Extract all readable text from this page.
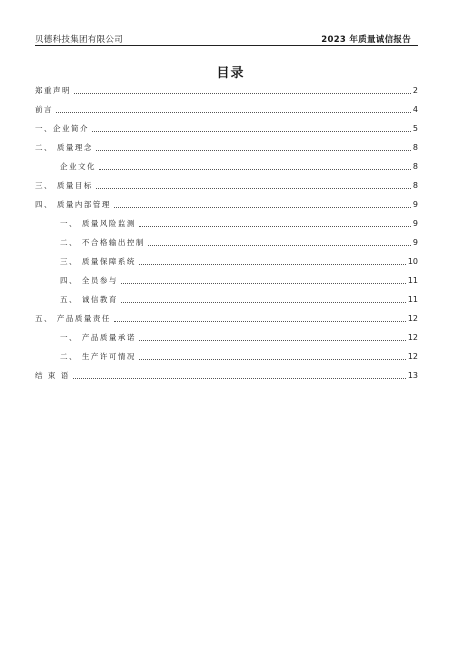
贝德科技集团有限公司	2023 年质量诚信报告
目录
郑重声明	2
前言	4
一、企业简介	5
二、 质量理念	8
企业文化	8
三、 质量目标	8
四、 质量内部管理	9
一、 质量风险监测	9
二、 不合格输出控制	9
三、 质量保障系统	10
四、 全员参与	11
五、 诚信教育	11
五、 产品质量责任	12
一、 产品质量承诺	12
二、 生产许可情况	12
结 束 语	13
